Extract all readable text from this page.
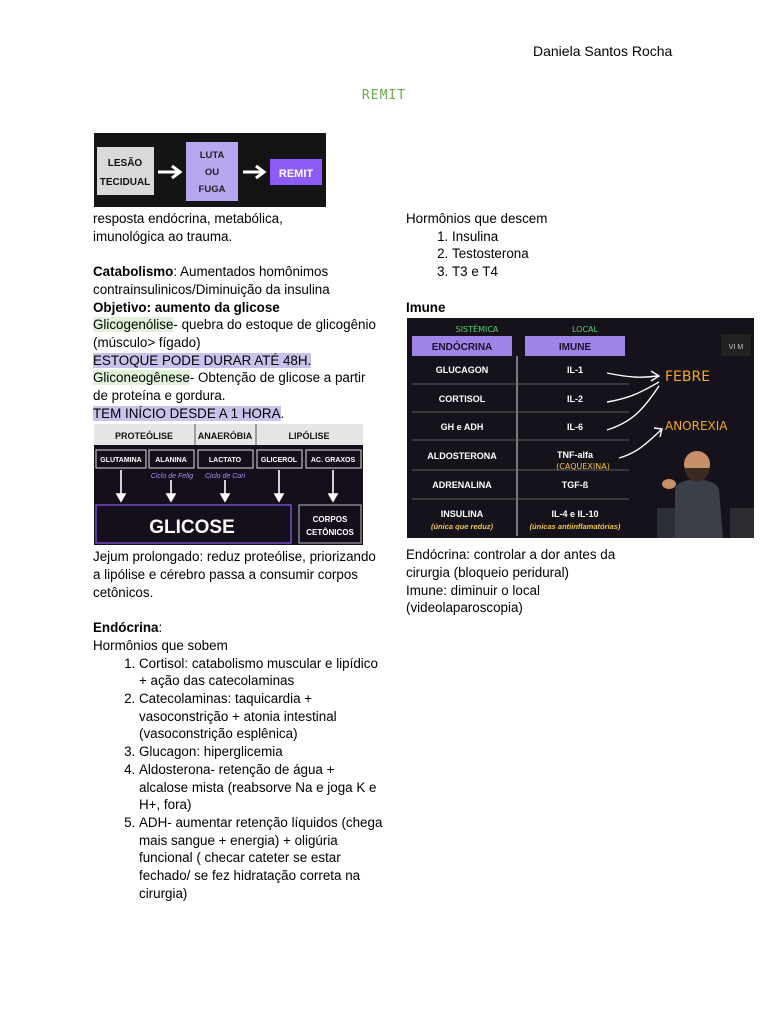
Daniela Santos Rocha
REMIT
LESÃO
TECIDUAL
LUTA
OU
FUGA
REMIT

resposta endócrina, metabólica,

imunológica ao trauma.

Catabolismo: Aumentados homônimos contrainsulinicos/Diminuição da insulina

Objetivo: aumento da glicose

Glicogenólise- quebra do estoque de glicogênio (músculo> fígado)

ESTOQUE PODE DURAR ATÉ 48H.

Gliconeogênese- Obtenção de glicose a partir de proteína e gordura.

TEM INÍCIO DESDE A 1 HORA.

Jejum prolongado: reduz proteólise, priorizando a lipólise e cérebro passa a consumir corpos cetônicos.

Endócrina:

Hormônios que sobem

1. Cortisol: catabolismo muscular e lipídico + ação das catecolaminas
2. Catecolaminas: taquicardia + vasoconstrição + atonia intestinal (vasoconstrição esplênica)
3. Glucagon: hiperglicemia
4. Aldosterona- retenção de água + alcalose mista (reabsorve Na e joga K e H+, fora)
5. ADH- aumentar retenção líquidos (chega mais sangue + energia) + oligúria funcional ( checar cateter se estar fechado/ se fez hidratação correta na cirurgia)
PROTEÓLISE	ANAERÓBIA	LIPÓLISE
GLUTAMINA ALANINA	LACTATO	GLICEROL AC. GRAXOS
Ciclo de Felig Ciclo de Cori
GLICOSE	CORPOS
CETÔNICOS

Hormônios que descem

1. Insulina
2. Testosterona
3. T3 e T4

Imune

Endócrina: controlar a dor antes da cirurgia (bloqueio peridural)

Imune: diminuir o local (videolaparoscopia)

SISTÊMICA	LOCAL
ENDÓCRINA	IMUNE
GLUCAGON	IL-1
CORTISOL	IL-2
GH e ADH	IL-6
ALDOSTERONA	TNF-alfa
ADRENALINA	TGF-ß
INSULINA	IL-4 e IL-10
(CAQUEXINA)
(única que reduz)	(únicas antiinflamatórias)
FEBRE
ANOREXIA
VI M
